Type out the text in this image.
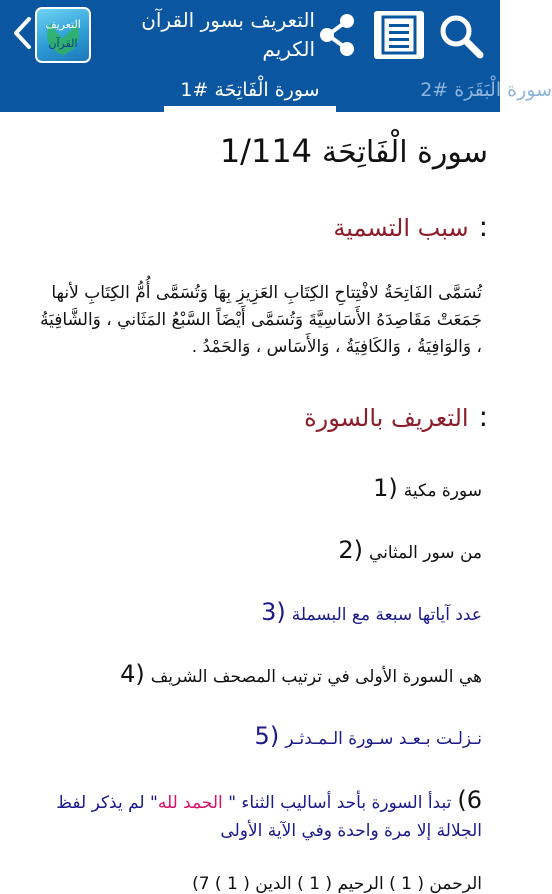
التعريف
القرآن
التعريف بسور القرآن
الكريم
سورة الْفَاتِحَة #1	سورة الْبَقَرَة #2
سورة الْفَاتِحَة1/114
:سبب التسمية
تُسَمَّى الفَاتِحَةُ لافْتِتاحِ الكِتَابِ العَزِيزِ بِهَا وَتُسَمَّى أُمُّ الكِتَابِ لأنها جَمَعَتْ مَقَاصِدَهُ الأَسَاسِيَّةَ وَتُسَمَّى أَيْضَاً السَّبْعُ المَثَاني ، وَالشَّافِيَةُ ، وَالوَافِيَةُ ، وَالكَافِيَةُ ، وَالأَسَاس ، وَالحَمْدُ .
:التعريف بالسورة
سورة مكية1)
من سور المثاني2)
عدد آياتها سبعة مع البسملة3)
هي السورة الأولى في ترتيب المصحف الشريف4)
نـزلـت بـعـد سـورة الـمـدثـر5)
6)تبدأ السورة بأحد أساليب الثناء " الحمد لله" لم يذكر لفظ الجلالة إلا مرة واحدة وفي الآية الأولى
الرحمن ( 1 ) الرحيم ( 1 ) الدين ( 1 ) 7)
